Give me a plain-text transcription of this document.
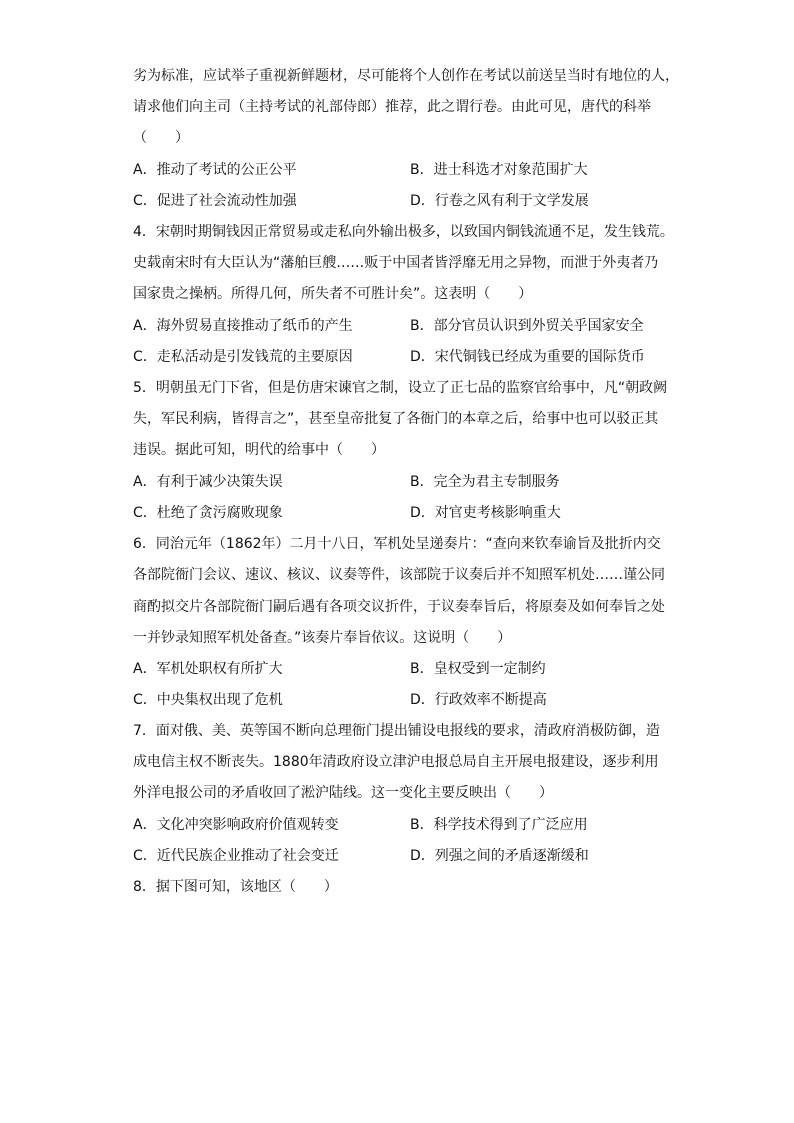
劣为标准，应试举子重视新鲜题材，尽可能将个人创作在考试以前送呈当时有地位的人，
请求他们向主司（主持考试的礼部侍郎）推荐，此之谓行卷。由此可见，唐代的科举
（　　）
A．推动了考试的公正公平	B．进士科选才对象范围扩大
C．促进了社会流动性加强	D．行卷之风有利于文学发展
4．宋朝时期铜钱因正常贸易或走私向外输出极多，以致国内铜钱流通不足，发生钱荒。
史载南宋时有大臣认为“藩舶巨艘……贩于中国者皆浮靡无用之异物，而泄于外夷者乃
国家贵之操柄。所得几何，所失者不可胜计矣”。这表明（　　）
A．海外贸易直接推动了纸币的产生	B．部分官员认识到外贸关乎国家安全
C．走私活动是引发钱荒的主要原因	D．宋代铜钱已经成为重要的国际货币
5．明朝虽无门下省，但是仿唐宋谏官之制，设立了正七品的监察官给事中，凡“朝政阙
失，军民利病，皆得言之”，甚至皇帝批复了各衙门的本章之后，给事中也可以驳正其
违误。据此可知，明代的给事中（　　）
A．有利于减少决策失误	B．完全为君主专制服务
C．杜绝了贪污腐败现象	D．对官吏考核影响重大
6．同治元年（1862年）二月十八日，军机处呈递奏片：“查向来钦奉谕旨及批折内交
各部院衙门会议、速议、核议、议奏等件，该部院于议奏后并不知照军机处……谨公同
商酌拟交片各部院衙门嗣后遇有各项交议折件，于议奏奉旨后，将原奏及如何奉旨之处
一并钞录知照军机处备查。”该奏片奉旨依议。这说明（　　）
A．军机处职权有所扩大	B．皇权受到一定制约
C．中央集权出现了危机	D．行政效率不断提高
7．面对俄、美、英等国不断向总理衙门提出铺设电报线的要求，清政府消极防御，造
成电信主权不断丧失。1880年清政府设立津沪电报总局自主开展电报建设，逐步利用
外洋电报公司的矛盾收回了淞沪陆线。这一变化主要反映出（　　）
A．文化冲突影响政府价值观转变	B．科学技术得到了广泛应用
C．近代民族企业推动了社会变迁	D．列强之间的矛盾逐渐缓和
8．据下图可知，该地区（　　）
